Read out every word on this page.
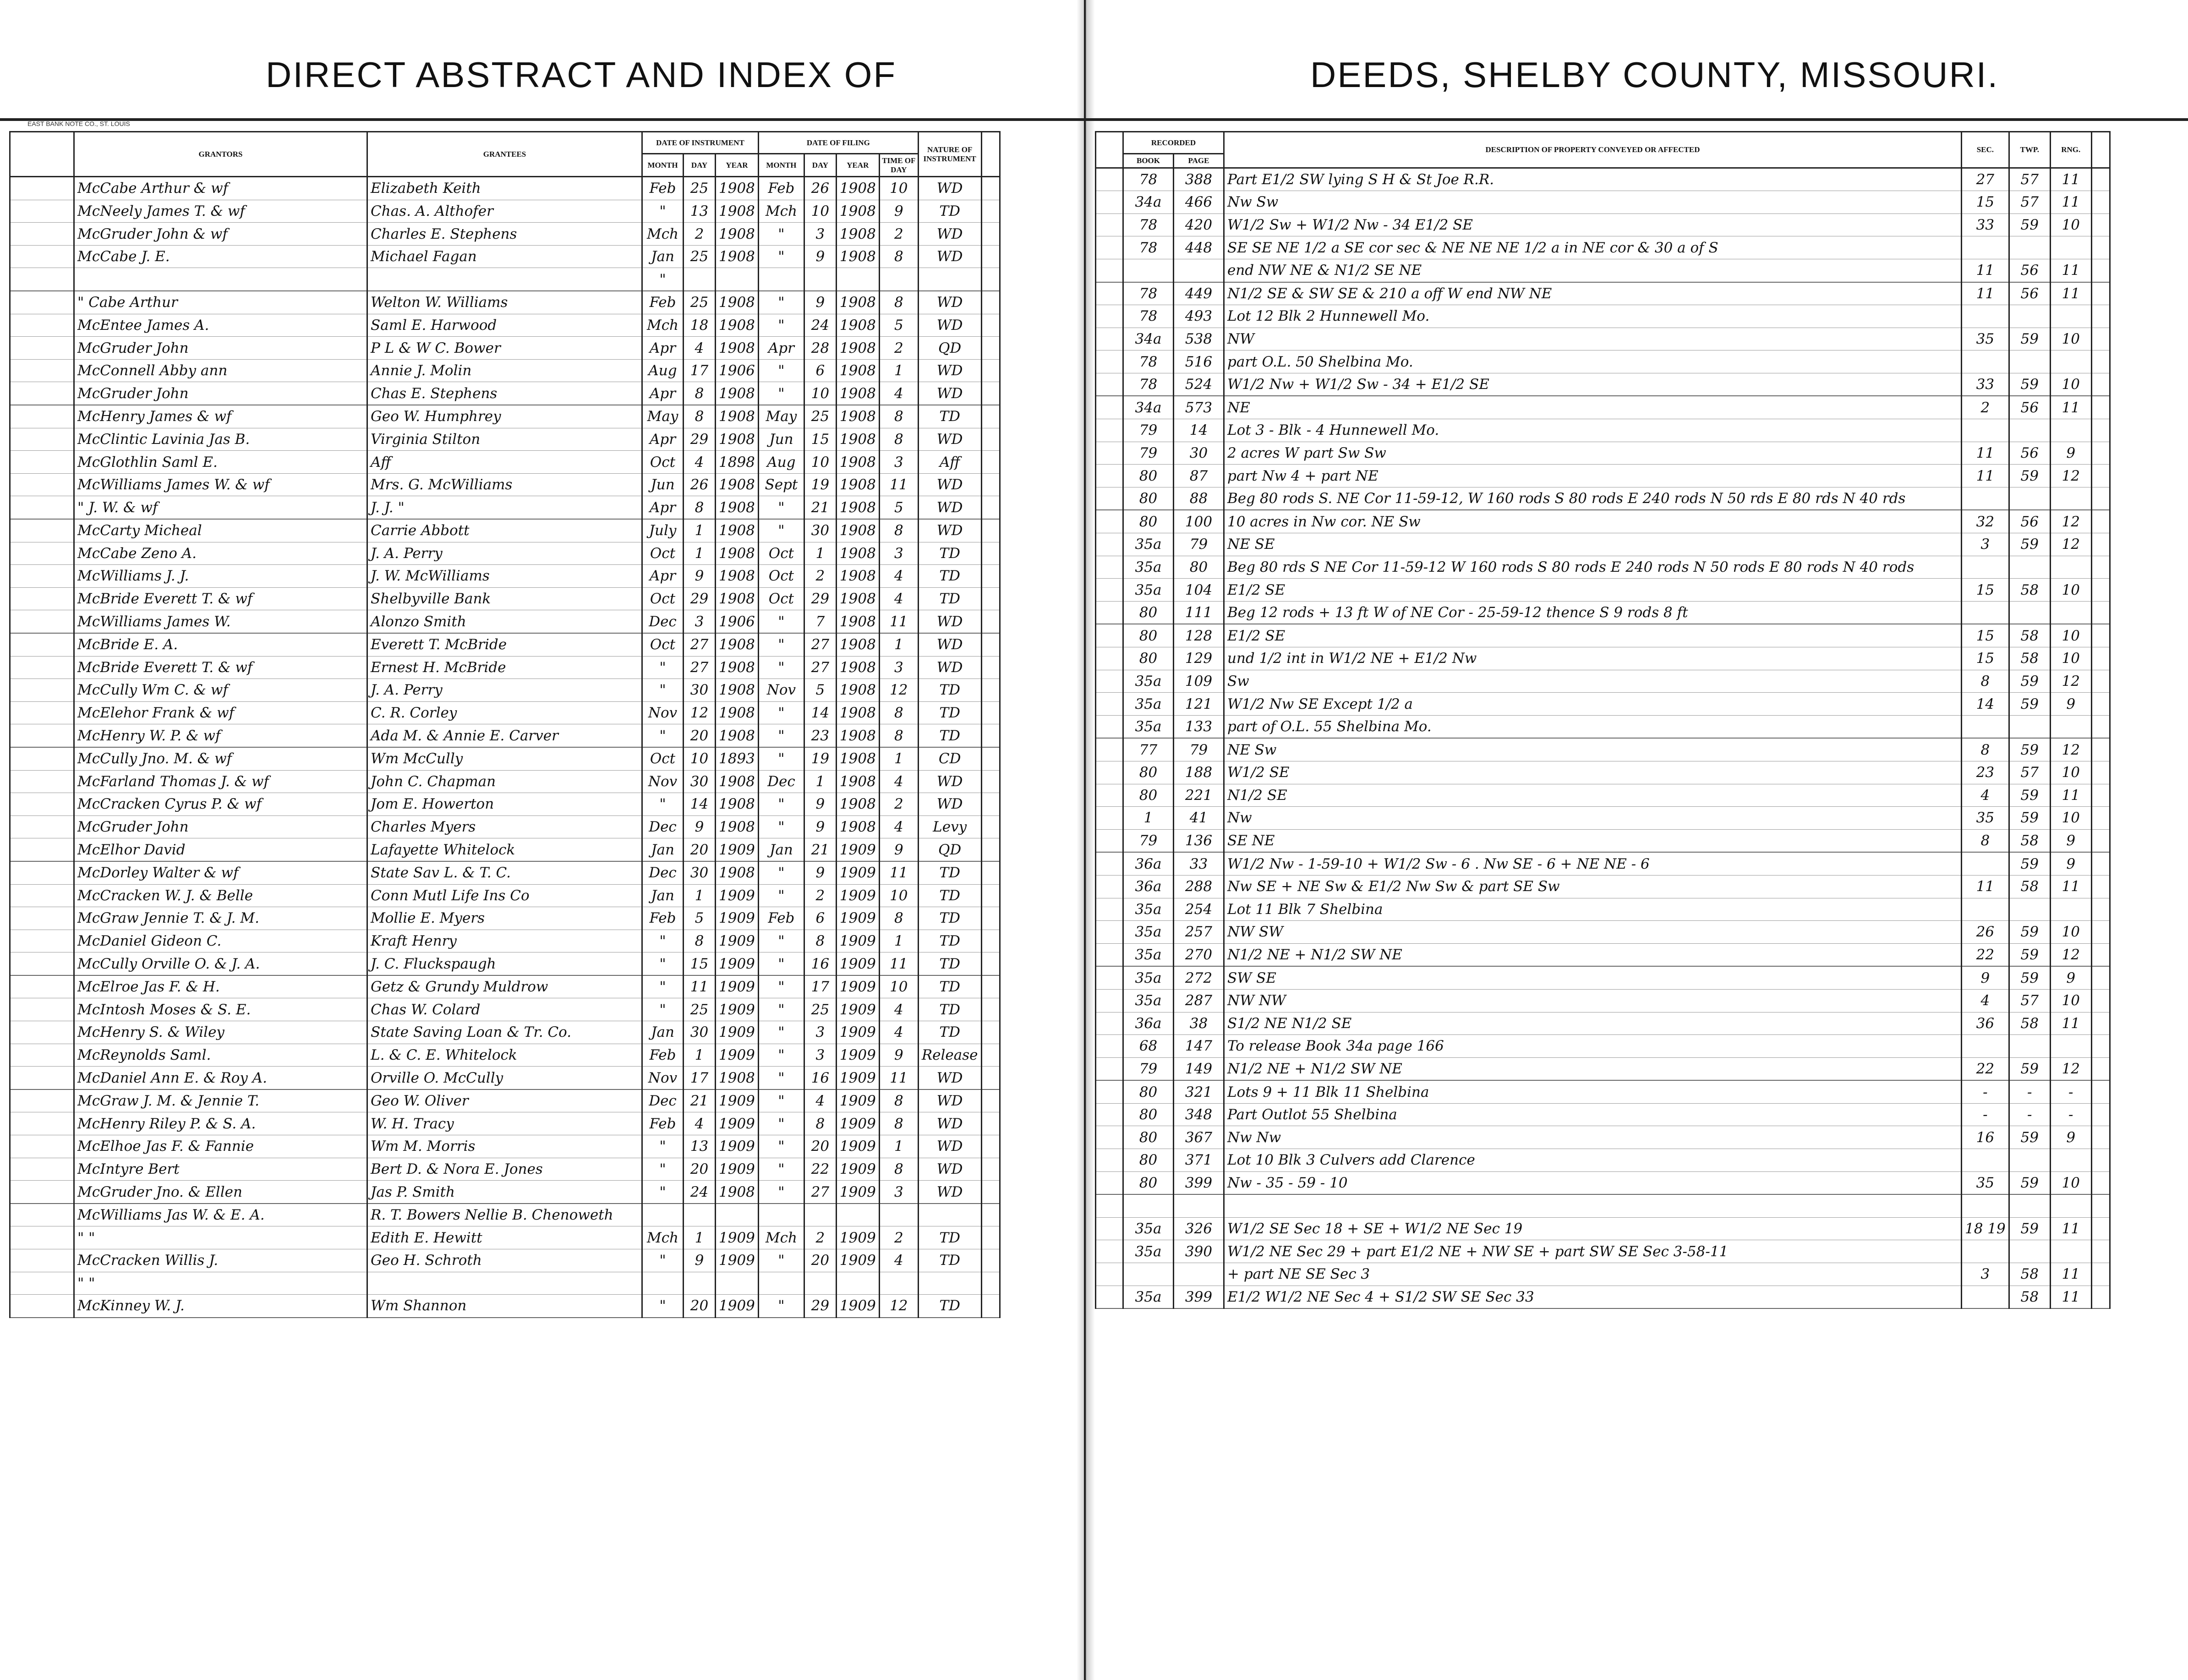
DIRECT ABSTRACT AND INDEX OF
EAST BANK NOTE CO., ST. LOUIS
	GRANTORS	GRANTEES	DATE OF INSTRUMENT			DATE OF FILING				NATURE OF INSTRUMENT	
			MONTH	DAY	YEAR	MONTH	DAY	YEAR	TIME OF DAY		
	McCabe Arthur & wf	Elizabeth Keith	Feb	25	1908	Feb	26	1908	10	WD	
	McNeely James T. & wf	Chas. A. Althofer	"	13	1908	Mch	10	1908	9	TD	
	McGruder John & wf	Charles E. Stephens	Mch	2	1908	"	3	1908	2	WD	
	McCabe J. E.	Michael Fagan	Jan	25	1908	"	9	1908	8	WD	
			"								
	" Cabe Arthur	Welton W. Williams	Feb	25	1908	"	9	1908	8	WD	
	McEntee James A.	Saml E. Harwood	Mch	18	1908	"	24	1908	5	WD	
	McGruder John	P L & W C. Bower	Apr	4	1908	Apr	28	1908	2	QD	
	McConnell Abby ann	Annie J. Molin	Aug	17	1906	"	6	1908	1	WD	
	McGruder John	Chas E. Stephens	Apr	8	1908	"	10	1908	4	WD	
	McHenry James & wf	Geo W. Humphrey	May	8	1908	May	25	1908	8	TD	
	McClintic Lavinia Jas B.	Virginia Stilton	Apr	29	1908	Jun	15	1908	8	WD	
	McGlothlin Saml E.	Aff	Oct	4	1898	Aug	10	1908	3	Aff	
	McWilliams James W. & wf	Mrs. G. McWilliams	Jun	26	1908	Sept	19	1908	11	WD	
	" J. W. & wf	J. J. "	Apr	8	1908	"	21	1908	5	WD	
	McCarty Micheal	Carrie Abbott	July	1	1908	"	30	1908	8	WD	
	McCabe Zeno A.	J. A. Perry	Oct	1	1908	Oct	1	1908	3	TD	
	McWilliams J. J.	J. W. McWilliams	Apr	9	1908	Oct	2	1908	4	TD	
	McBride Everett T. & wf	Shelbyville Bank	Oct	29	1908	Oct	29	1908	4	TD	
	McWilliams James W.	Alonzo Smith	Dec	3	1906	"	7	1908	11	WD	
	McBride E. A.	Everett T. McBride	Oct	27	1908	"	27	1908	1	WD	
	McBride Everett T. & wf	Ernest H. McBride	"	27	1908	"	27	1908	3	WD	
	McCully Wm C. & wf	J. A. Perry	"	30	1908	Nov	5	1908	12	TD	
	McElehor Frank & wf	C. R. Corley	Nov	12	1908	"	14	1908	8	TD	
	McHenry W. P. & wf	Ada M. & Annie E. Carver	"	20	1908	"	23	1908	8	TD	
	McCully Jno. M. & wf	Wm McCully	Oct	10	1893	"	19	1908	1	CD	
	McFarland Thomas J. & wf	John C. Chapman	Nov	30	1908	Dec	1	1908	4	WD	
	McCracken Cyrus P. & wf	Jom E. Howerton	"	14	1908	"	9	1908	2	WD	
	McGruder John	Charles Myers	Dec	9	1908	"	9	1908	4	Levy	
	McElhor David	Lafayette Whitelock	Jan	20	1909	Jan	21	1909	9	QD	
	McDorley Walter & wf	State Sav L. & T. C.	Dec	30	1908	"	9	1909	11	TD	
	McCracken W. J. & Belle	Conn Mutl Life Ins Co	Jan	1	1909	"	2	1909	10	TD	
	McGraw Jennie T. & J. M.	Mollie E. Myers	Feb	5	1909	Feb	6	1909	8	TD	
	McDaniel Gideon C.	Kraft Henry	"	8	1909	"	8	1909	1	TD	
	McCully Orville O. & J. A.	J. C. Fluckspaugh	"	15	1909	"	16	1909	11	TD	
	McElroe Jas F. & H.	Getz & Grundy Muldrow	"	11	1909	"	17	1909	10	TD	
	McIntosh Moses & S. E.	Chas W. Colard	"	25	1909	"	25	1909	4	TD	
	McHenry S. & Wiley	State Saving Loan & Tr. Co.	Jan	30	1909	"	3	1909	4	TD	
	McReynolds Saml.	L. & C. E. Whitelock	Feb	1	1909	"	3	1909	9	Release	
	McDaniel Ann E. & Roy A.	Orville O. McCully	Nov	17	1908	"	16	1909	11	WD	
	McGraw J. M. & Jennie T.	Geo W. Oliver	Dec	21	1909	"	4	1909	8	WD	
	McHenry Riley P. & S. A.	W. H. Tracy	Feb	4	1909	"	8	1909	8	WD	
	McElhoe Jas F. & Fannie	Wm M. Morris	"	13	1909	"	20	1909	1	WD	
	McIntyre Bert	Bert D. & Nora E. Jones	"	20	1909	"	22	1909	8	WD	
	McGruder Jno. & Ellen	Jas P. Smith	"	24	1908	"	27	1909	3	WD	
	McWilliams Jas W. & E. A.	R. T. Bowers Nellie B. Chenoweth									
	" "	Edith E. Hewitt	Mch	1	1909	Mch	2	1909	2	TD	
	McCracken Willis J.	Geo H. Schroth	"	9	1909	"	20	1909	4	TD	
	" "										
	McKinney W. J.	Wm Shannon	"	20	1909	"	29	1909	12	TD	
DEEDS, SHELBY COUNTY, MISSOURI.
	RECORDED		DESCRIPTION OF PROPERTY CONVEYED OR AFFECTED	SEC.	TWP.	RNG.	
	BOOK	PAGE					
	78	388	Part E1/2 SW lying S H & St Joe R.R.	27	57	11	
	34a	466	Nw Sw	15	57	11	
	78	420	W1/2 Sw + W1/2 Nw - 34 E1/2 SE	33	59	10	
	78	448	SE SE NE 1/2 a SE cor sec & NE NE NE 1/2 a in NE cor & 30 a of S				
			end NW NE & N1/2 SE NE	11	56	11	
	78	449	N1/2 SE & SW SE & 210 a off W end NW NE	11	56	11	
	78	493	Lot 12 Blk 2 Hunnewell Mo.				
	34a	538	NW	35	59	10	
	78	516	part O.L. 50 Shelbina Mo.				
	78	524	W1/2 Nw + W1/2 Sw - 34 + E1/2 SE	33	59	10	
	34a	573	NE	2	56	11	
	79	14	Lot 3 - Blk - 4 Hunnewell Mo.				
	79	30	2 acres W part Sw Sw	11	56	9	
	80	87	part Nw 4 + part NE	11	59	12	
	80	88	Beg 80 rods S. NE Cor 11-59-12, W 160 rods S 80 rods E 240 rods N 50 rds E 80 rds N 40 rds				
	80	100	10 acres in Nw cor. NE Sw	32	56	12	
	35a	79	NE SE	3	59	12	
	35a	80	Beg 80 rds S NE Cor 11-59-12 W 160 rods S 80 rods E 240 rods N 50 rods E 80 rods N 40 rods				
	35a	104	E1/2 SE	15	58	10	
	80	111	Beg 12 rods + 13 ft W of NE Cor - 25-59-12 thence S 9 rods 8 ft				
	80	128	E1/2 SE	15	58	10	
	80	129	und 1/2 int in W1/2 NE + E1/2 Nw	15	58	10	
	35a	109	Sw	8	59	12	
	35a	121	W1/2 Nw SE Except 1/2 a	14	59	9	
	35a	133	part of O.L. 55 Shelbina Mo.				
	77	79	NE Sw	8	59	12	
	80	188	W1/2 SE	23	57	10	
	80	221	N1/2 SE	4	59	11	
	1	41	Nw	35	59	10	
	79	136	SE NE	8	58	9	
	36a	33	W1/2 Nw - 1-59-10 + W1/2 Sw - 6 . Nw SE - 6 + NE NE - 6		59	9	
	36a	288	Nw SE + NE Sw & E1/2 Nw Sw & part SE Sw	11	58	11	
	35a	254	Lot 11 Blk 7 Shelbina				
	35a	257	NW SW	26	59	10	
	35a	270	N1/2 NE + N1/2 SW NE	22	59	12	
	35a	272	SW SE	9	59	9	
	35a	287	NW NW	4	57	10	
	36a	38	S1/2 NE N1/2 SE	36	58	11	
	68	147	To release Book 34a page 166				
	79	149	N1/2 NE + N1/2 SW NE	22	59	12	
	80	321	Lots 9 + 11 Blk 11 Shelbina	-	-	-	
	80	348	Part Outlot 55 Shelbina	-	-	-	
	80	367	Nw Nw	16	59	9	
	80	371	Lot 10 Blk 3 Culvers add Clarence				
	80	399	Nw - 35 - 59 - 10	35	59	10	

	35a	326	W1/2 SE Sec 18 + SE + W1/2 NE Sec 19	18 19	59	11	
	35a	390	W1/2 NE Sec 29 + part E1/2 NE + NW SE + part SW SE Sec 3-58-11				
			+ part NE SE Sec 3	3	58	11	
	35a	399	E1/2 W1/2 NE Sec 4 + S1/2 SW SE Sec 33		58	11	
